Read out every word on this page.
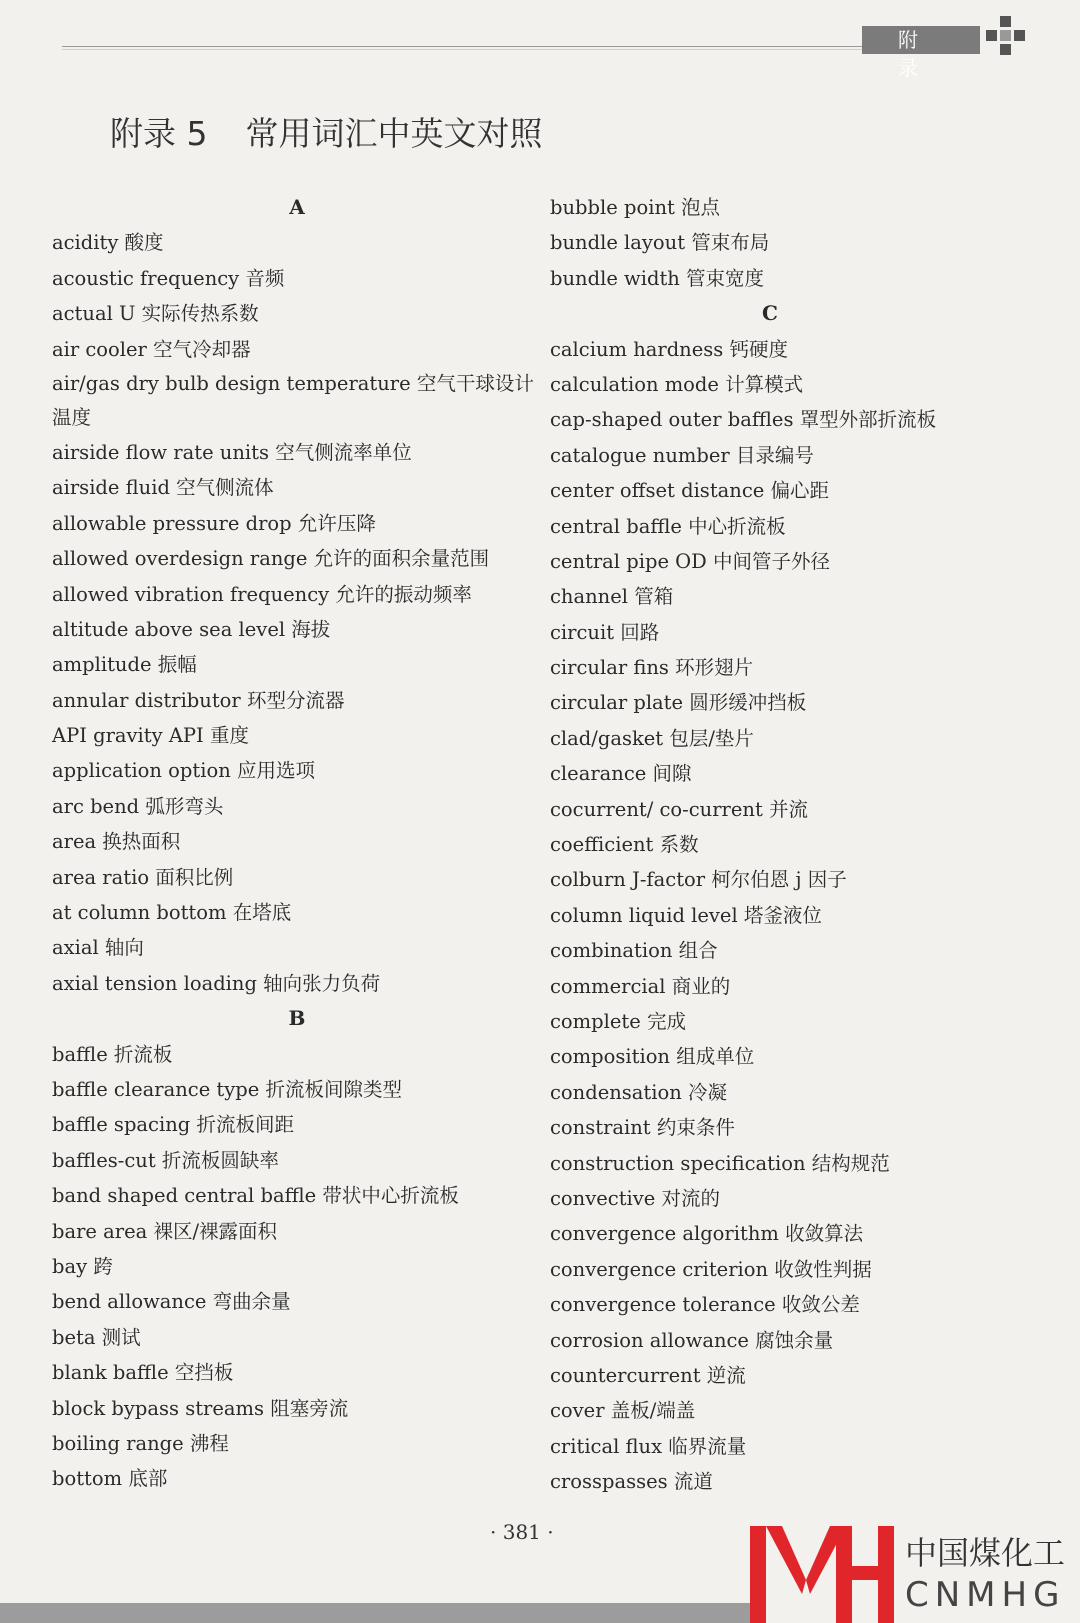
附 录
附录 5 常用词汇中英文对照
A
acidity 酸度
acoustic frequency 音频
actual U 实际传热系数
air cooler 空气冷却器
air/gas dry bulb design temperature 空气干球设计温度
airside flow rate units 空气侧流率单位
airside fluid 空气侧流体
allowable pressure drop 允许压降
allowed overdesign range 允许的面积余量范围
allowed vibration frequency 允许的振动频率
altitude above sea level 海拔
amplitude 振幅
annular distributor 环型分流器
API gravity API 重度
application option 应用选项
arc bend 弧形弯头
area 换热面积
area ratio 面积比例
at column bottom 在塔底
axial 轴向
axial tension loading 轴向张力负荷
B
baffle 折流板
baffle clearance type 折流板间隙类型
baffle spacing 折流板间距
baffles-cut 折流板圆缺率
band shaped central baffle 带状中心折流板
bare area 裸区/裸露面积
bay 跨
bend allowance 弯曲余量
beta 测试
blank baffle 空挡板
block bypass streams 阻塞旁流
boiling range 沸程
bottom 底部
bubble point 泡点
bundle layout 管束布局
bundle width 管束宽度
C
calcium hardness 钙硬度
calculation mode 计算模式
cap-shaped outer baffles 罩型外部折流板
catalogue number 目录编号
center offset distance 偏心距
central baffle 中心折流板
central pipe OD 中间管子外径
channel 管箱
circuit 回路
circular fins 环形翅片
circular plate 圆形缓冲挡板
clad/gasket 包层/垫片
clearance 间隙
cocurrent/ co-current 并流
coefficient 系数
colburn J-factor 柯尔伯恩 j 因子
column liquid level 塔釜液位
combination 组合
commercial 商业的
complete 完成
composition 组成单位
condensation 冷凝
constraint 约束条件
construction specification 结构规范
convective 对流的
convergence algorithm 收敛算法
convergence criterion 收敛性判据
convergence tolerance 收敛公差
corrosion allowance 腐蚀余量
countercurrent 逆流
cover 盖板/端盖
critical flux 临界流量
crosspasses 流道
· 381 ·
中国煤化工
CNMHG
